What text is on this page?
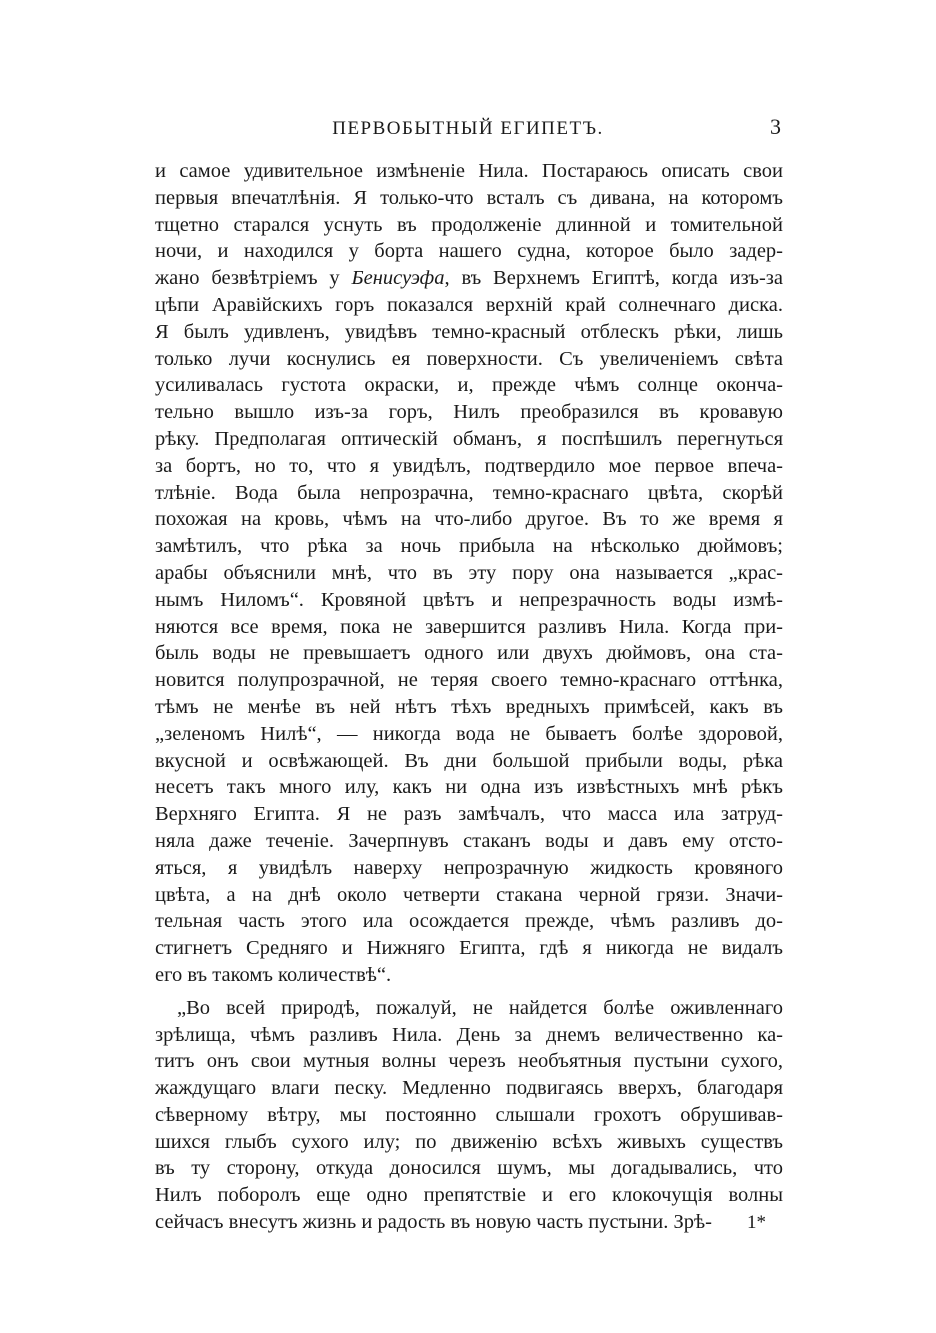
ПЕРВОБЫТНЫЙ ЕГИПЕТЪ.	3
и самое удивительное измѣненіе Нила. Постараюсь описать свои
первыя впечатлѣнія. Я только-что всталъ съ дивана, на которомъ
тщетно старался уснуть въ продолженіе длинной и томительной
ночи, и находился у борта нашего судна, которое было задер-
жано безвѣтріемъ у Бенисуэфа, въ Верхнемъ Египтѣ, когда изъ-за
цѣпи Аравійскихъ горъ показался верхній край солнечнаго диска.
Я былъ удивленъ, увидѣвъ темно-красный отблескъ рѣки, лишь
только лучи коснулись ея поверхности. Съ увеличеніемъ свѣта
усиливалась густота окраски, и, прежде чѣмъ солнце оконча-
тельно вышло изъ-за горъ, Нилъ преобразился въ кровавую
рѣку. Предполагая оптическій обманъ, я поспѣшилъ перегнуться
за бортъ, но то, что я увидѣлъ, подтвердило мое первое впеча-
тлѣніе. Вода была непрозрачна, темно-краснаго цвѣта, скорѣй
похожая на кровь, чѣмъ на что-либо другое. Въ то же время я
замѣтилъ, что рѣка за ночь прибыла на нѣсколько дюймовъ;
арабы объяснили мнѣ, что въ эту пору она называется „крас-
нымъ Ниломъ“. Кровяной цвѣтъ и непрезрачность воды измѣ-
няются все время, пока не завершится разливъ Нила. Когда при-
быль воды не превышаетъ одного или двухъ дюймовъ, она ста-
новится полупрозрачной, не теряя своего темно-краснаго оттѣнка,
тѣмъ не менѣе въ ней нѣтъ тѣхъ вредныхъ примѣсей, какъ въ
„зеленомъ Нилѣ“, — никогда вода не бываетъ болѣе здоровой,
вкусной и освѣжающей. Въ дни большой прибыли воды, рѣка
несетъ такъ много илу, какъ ни одна изъ извѣстныхъ мнѣ рѣкъ
Верхняго Египта. Я не разъ замѣчалъ, что масса ила затруд-
няла даже теченіе. Зачерпнувъ стаканъ воды и давъ ему отсто-
яться, я увидѣлъ наверху непрозрачную жидкость кровяного
цвѣта, а на днѣ около четверти стакана черной грязи. Значи-
тельная часть этого ила осождается прежде, чѣмъ разливъ до-
стигнетъ Средняго и Нижняго Египта, гдѣ я никогда не видалъ
его въ такомъ количествѣ“.
„Во всей природѣ, пожалуй, не найдется болѣе оживленнаго
зрѣлища, чѣмъ разливъ Нила. День за днемъ величественно ка-
титъ онъ свои мутныя волны черезъ необъятныя пустыни сухого,
жаждущаго влаги песку. Медленно подвигаясь вверхъ, благодаря
сѣверному вѣтру, мы постоянно слышали грохотъ обрушивав-
шихся глыбъ сухого илу; по движенію всѣхъ живыхъ существъ
въ ту сторону, откуда доносился шумъ, мы догадывались, что
Нилъ поборолъ еще одно препятствіе и его клокочущія волны
сейчасъ внесутъ жизнь и радость въ новую часть пустыни. Зрѣ-	1*
